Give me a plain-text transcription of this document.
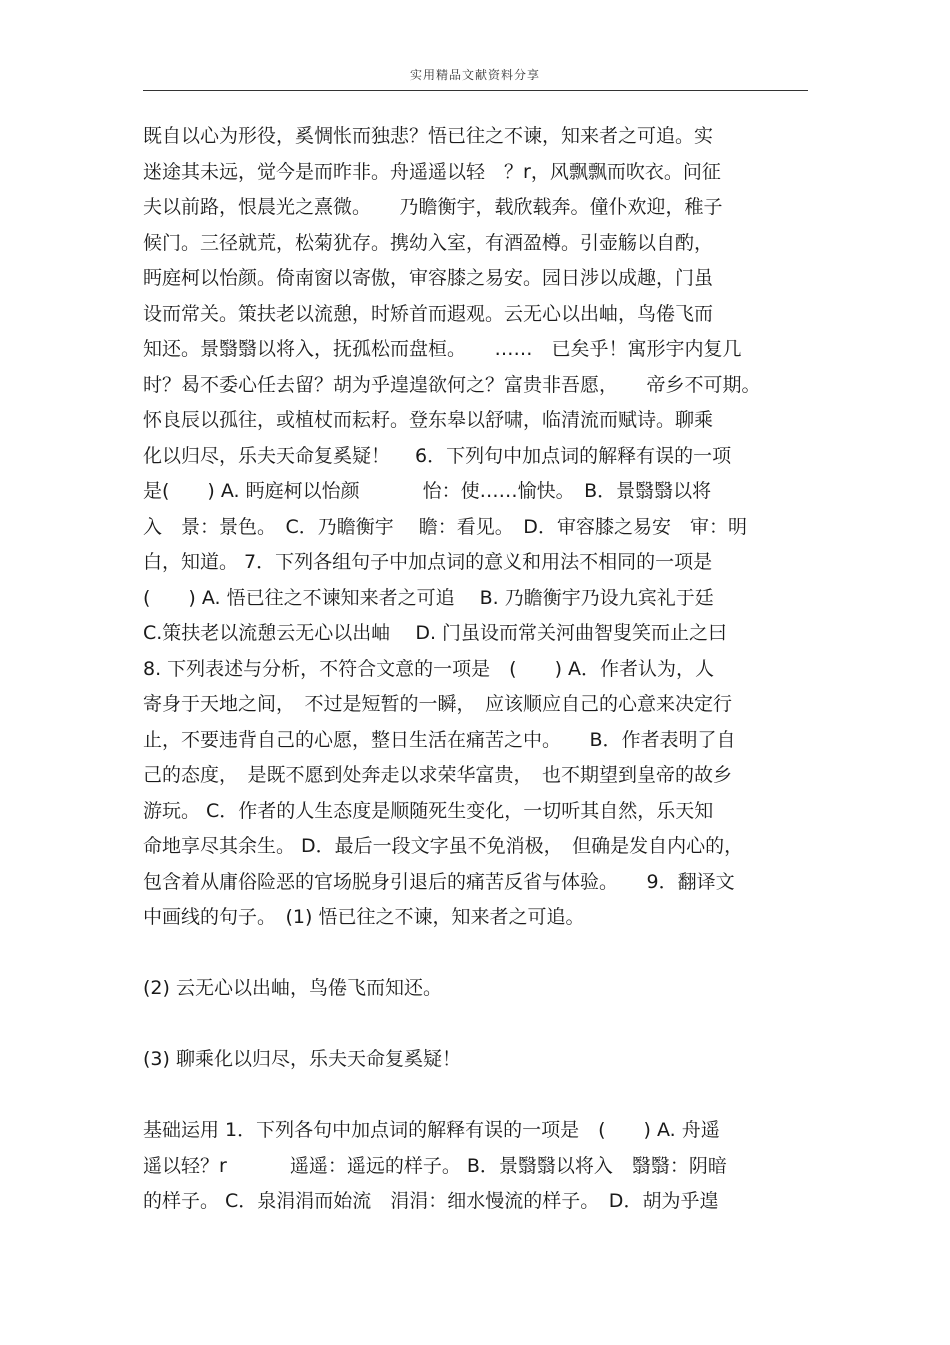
实用精品文献资料分享
既自以心为形役，奚惆怅而独悲？悟已往之不谏，知来者之可追。实
迷途其未远，觉今是而昨非。舟遥遥以轻　？r，风飘飘而吹衣。问征
夫以前路，恨晨光之熹微。　　乃瞻衡宇，载欣载奔。僮仆欢迎，稚子
候门。三径就荒，松菊犹存。携幼入室，有酒盈樽。引壶觞以自酌，
眄庭柯以怡颜。倚南窗以寄傲，审容膝之易安。园日涉以成趣，门虽
设而常关。策扶老以流憩，时矫首而遐观。云无心以出岫，鸟倦飞而
知还。景翳翳以将入，抚孤松而盘桓。　　……　已矣乎！寓形宇内复几
时？曷不委心任去留？胡为乎遑遑欲何之？富贵非吾愿，　　帝乡不可期。
怀良辰以孤往，或植杖而耘耔。登东皋以舒啸，临清流而赋诗。聊乘
化以归尽，乐夫天命复奚疑！　 6．下列句中加点词的解释有误的一项
是(　　) A. 眄庭柯以怡颜　　　 怡：使……愉快。　B．景翳翳以将
入　景：景色。　C．乃瞻衡宇　 瞻：看见。　D．审容膝之易安　审：明
白，知道。 7．下列各组句子中加点词的意义和用法不相同的一项是
(　　) A. 悟已往之不谏知来者之可追　 B. 乃瞻衡宇乃设九宾礼于廷
C.策扶老以流憩云无心以出岫　 D. 门虽设而常关河曲智叟笑而止之曰
8. 下列表述与分析，不符合文意的一项是　(　　) A．作者认为，人
寄身于天地之间，　不过是短暂的一瞬，　应该顺应自己的心意来决定行
止，不要违背自己的心愿，整日生活在痛苦之中。　　B．作者表明了自
己的态度，　是既不愿到处奔走以求荣华富贵，　也不期望到皇帝的故乡
游玩。 C．作者的人生态度是顺随死生变化，一切听其自然，乐天知
命地享尽其余生。 D．最后一段文字虽不免消极，　但确是发自内心的，
包含着从庸俗险恶的官场脱身引退后的痛苦反省与体验。　　9．翻译文
中画线的句子。　(1) 悟已往之不谏，知来者之可追。
(2) 云无心以出岫，鸟倦飞而知还。
(3) 聊乘化以归尽，乐夫天命复奚疑！
基础运用 1．下列各句中加点词的解释有误的一项是　(　　) A. 舟遥
遥以轻？r　　　 遥遥：遥远的样子。 B．景翳翳以将入　翳翳：阴暗
的样子。 C．泉涓涓而始流　涓涓：细水慢流的样子。　D．胡为乎遑
